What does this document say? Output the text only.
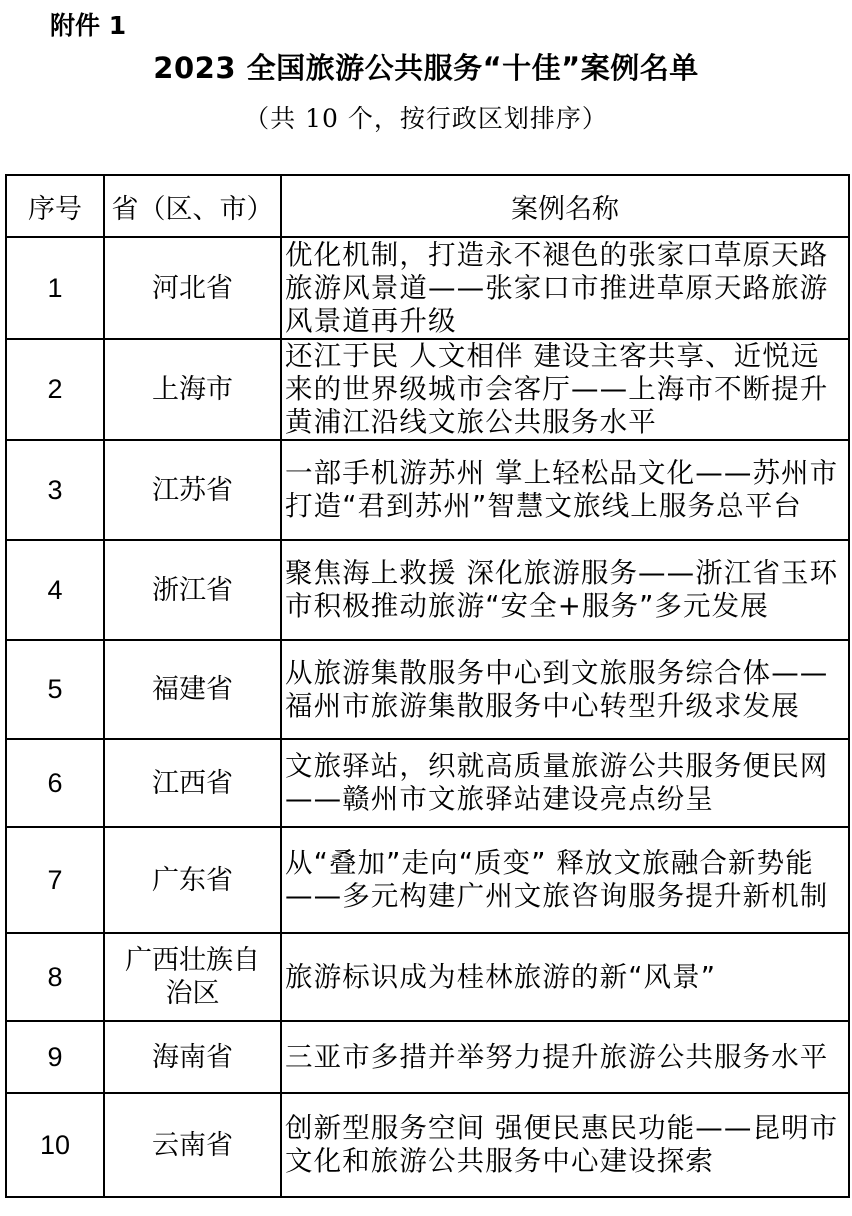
附件 1
2023 全国旅游公共服务“十佳”案例名单
（共 10 个，按行政区划排序）
序号	省（区、市）	案例名称
1	河北省	优化机制，打造永不褪色的张家口草原天路旅游风景道——张家口市推进草原天路旅游风景道再升级
2	上海市	还江于民 人文相伴 建设主客共享、近悦远来的世界级城市会客厅——上海市不断提升黄浦江沿线文旅公共服务水平
3	江苏省	一部手机游苏州 掌上轻松品文化——苏州市打造“君到苏州”智慧文旅线上服务总平台
4	浙江省	聚焦海上救援 深化旅游服务——浙江省玉环市积极推动旅游“安全+服务”多元发展
5	福建省	从旅游集散服务中心到文旅服务综合体——福州市旅游集散服务中心转型升级求发展
6	江西省	文旅驿站，织就高质量旅游公共服务便民网——赣州市文旅驿站建设亮点纷呈
7	广东省	从“叠加”走向“质变” 释放文旅融合新势能——多元构建广州文旅咨询服务提升新机制
8	广西壮族自治区	旅游标识成为桂林旅游的新“风景”
9	海南省	三亚市多措并举努力提升旅游公共服务水平
10	云南省	创新型服务空间 强便民惠民功能——昆明市文化和旅游公共服务中心建设探索
